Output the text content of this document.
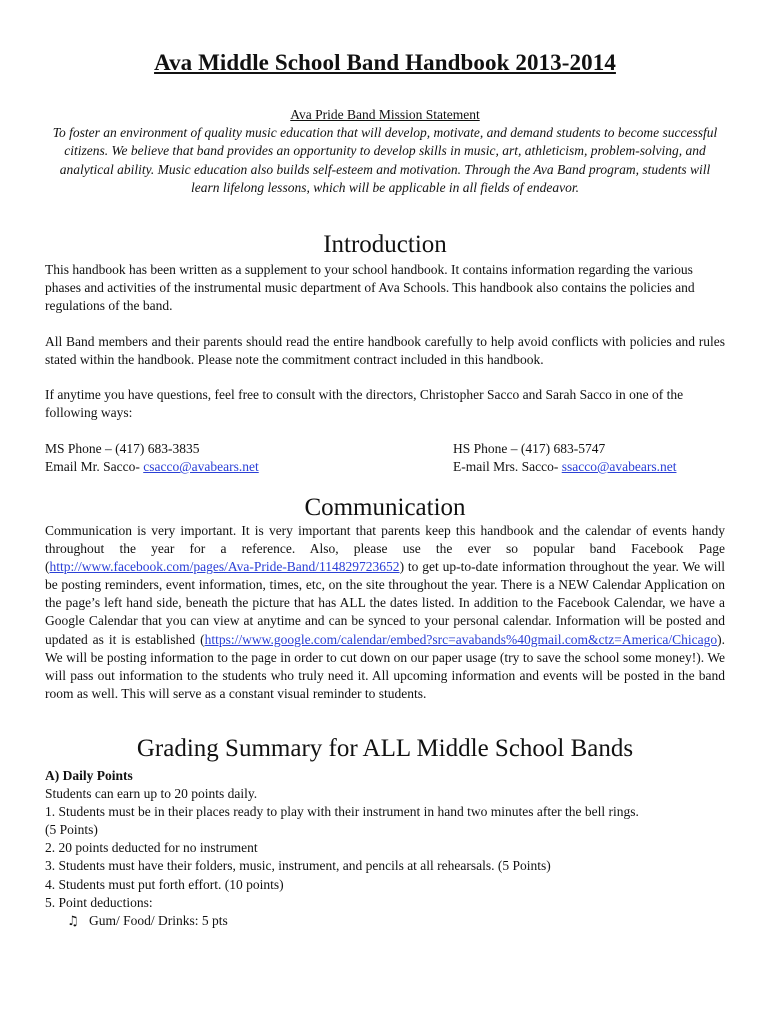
Ava Middle School Band Handbook 2013-2014
Ava Pride Band Mission Statement
To foster an environment of quality music education that will develop, motivate, and demand students to become successful citizens. We believe that band provides an opportunity to develop skills in music, art, athleticism, problem-solving, and analytical ability. Music education also builds self-esteem and motivation. Through the Ava Band program, students will learn lifelong lessons, which will be applicable in all fields of endeavor.
Introduction

This handbook has been written as a supplement to your school handbook. It contains information regarding the various phases and activities of the instrumental music department of Ava Schools. This handbook also contains the policies and regulations of the band.

All Band members and their parents should read the entire handbook carefully to help avoid conflicts with policies and rules stated within the handbook. Please note the commitment contract included in this handbook.

If anytime you have questions, feel free to consult with the directors, Christopher Sacco and Sarah Sacco in one of the following ways:

MS Phone – (417) 683-3835	HS Phone – (417) 683-5747
Email Mr. Sacco- csacco@avabears.net	E-mail Mrs. Sacco- ssacco@avabears.net
Communication

Communication is very important. It is very important that parents keep this handbook and the calendar of events handy throughout the year for a reference. Also, please use the ever so popular band Facebook Page (http://www.facebook.com/pages/Ava-Pride-Band/114829723652) to get up-to-date information throughout the year. We will be posting reminders, event information, times, etc, on the site throughout the year. There is a NEW Calendar Application on the page’s left hand side, beneath the picture that has ALL the dates listed. In addition to the Facebook Calendar, we have a Google Calendar that you can view at anytime and can be synced to your personal calendar. Information will be posted and updated as it is established (https://www.google.com/calendar/embed?src=avabands%40gmail.com&ctz=America/Chicago). We will be posting information to the page in order to cut down on our paper usage (try to save the school some money!). We will pass out information to the students who truly need it. All upcoming information and events will be posted in the band room as well. This will serve as a constant visual reminder to students.

Grading Summary for ALL Middle School Bands
A) Daily Points
Students can earn up to 20 points daily.
1. Students must be in their places ready to play with their instrument in hand two minutes after the bell rings.
(5 Points)
2. 20 points deducted for no instrument
3. Students must have their folders, music, instrument, and pencils at all rehearsals. (5 Points)
4. Students must put forth effort. (10 points)
5. Point deductions:
♫ Gum/ Food/ Drinks: 5 pts
